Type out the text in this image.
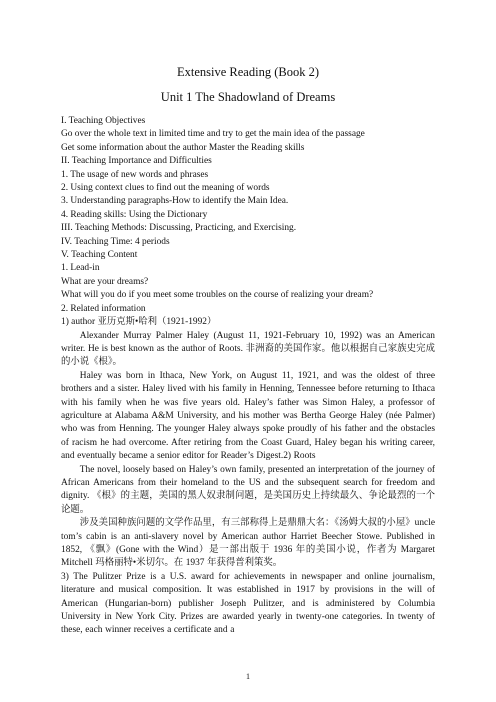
Extensive Reading (Book 2)
Unit 1 The Shadowland of Dreams

I. Teaching Objectives

Go over the whole text in limited time and try to get the main idea of the passage

Get some information about the author Master the Reading skills

II. Teaching Importance and Difficulties

1. The usage of new words and phrases

2. Using context clues to find out the meaning of words

3. Understanding paragraphs-How to identify the Main Idea.

4. Reading skills: Using the Dictionary

III. Teaching Methods: Discussing, Practicing, and Exercising.

IV. Teaching Time: 4 periods

V. Teaching Content

1. Lead-in

What are your dreams?

What will you do if you meet some troubles on the course of realizing your dream?

2. Related information

1) author 亚历克斯•哈利（1921-1992）

Alexander Murray Palmer Haley (August 11, 1921-February 10, 1992) was an American writer. He is best known as the author of Roots. 非洲裔的美国作家。他以根据自己家族史完成的小说《根》。

Haley was born in Ithaca, New York, on August 11, 1921, and was the oldest of three brothers and a sister. Haley lived with his family in Henning, Tennessee before returning to Ithaca with his family when he was five years old. Haley’s father was Simon Haley, a professor of agriculture at Alabama A&M University, and his mother was Bertha George Haley (née Palmer) who was from Henning. The younger Haley always spoke proudly of his father and the obstacles of racism he had overcome. After retiring from the Coast Guard, Haley began his writing career, and eventually became a senior editor for Reader’s Digest.2) Roots

The novel, loosely based on Haley’s own family, presented an interpretation of the journey of African Americans from their homeland to the US and the subsequent search for freedom and dignity. 《根》的主题，美国的黑人奴隶制问题，是美国历史上持续最久、争论最烈的一个论题。

涉及美国种族问题的文学作品里，有三部称得上是鼎鼎大名：《汤姆大叔的小屋》uncle tom’s cabin is an anti-slavery novel by American author Harriet Beecher Stowe. Published in 1852, 《飘》(Gone with the Wind）是一部出版于 1936 年的美国小说，作者为 Margaret Mitchell 玛格丽特•米切尔。在 1937 年获得普利策奖。

3) The Pulitzer Prize is a U.S. award for achievements in newspaper and online journalism, literature and musical composition. It was established in 1917 by provisions in the will of American (Hungarian-born) publisher Joseph Pulitzer, and is administered by Columbia University in New York City. Prizes are awarded yearly in twenty-one categories. In twenty of these, each winner receives a certificate and a

1
